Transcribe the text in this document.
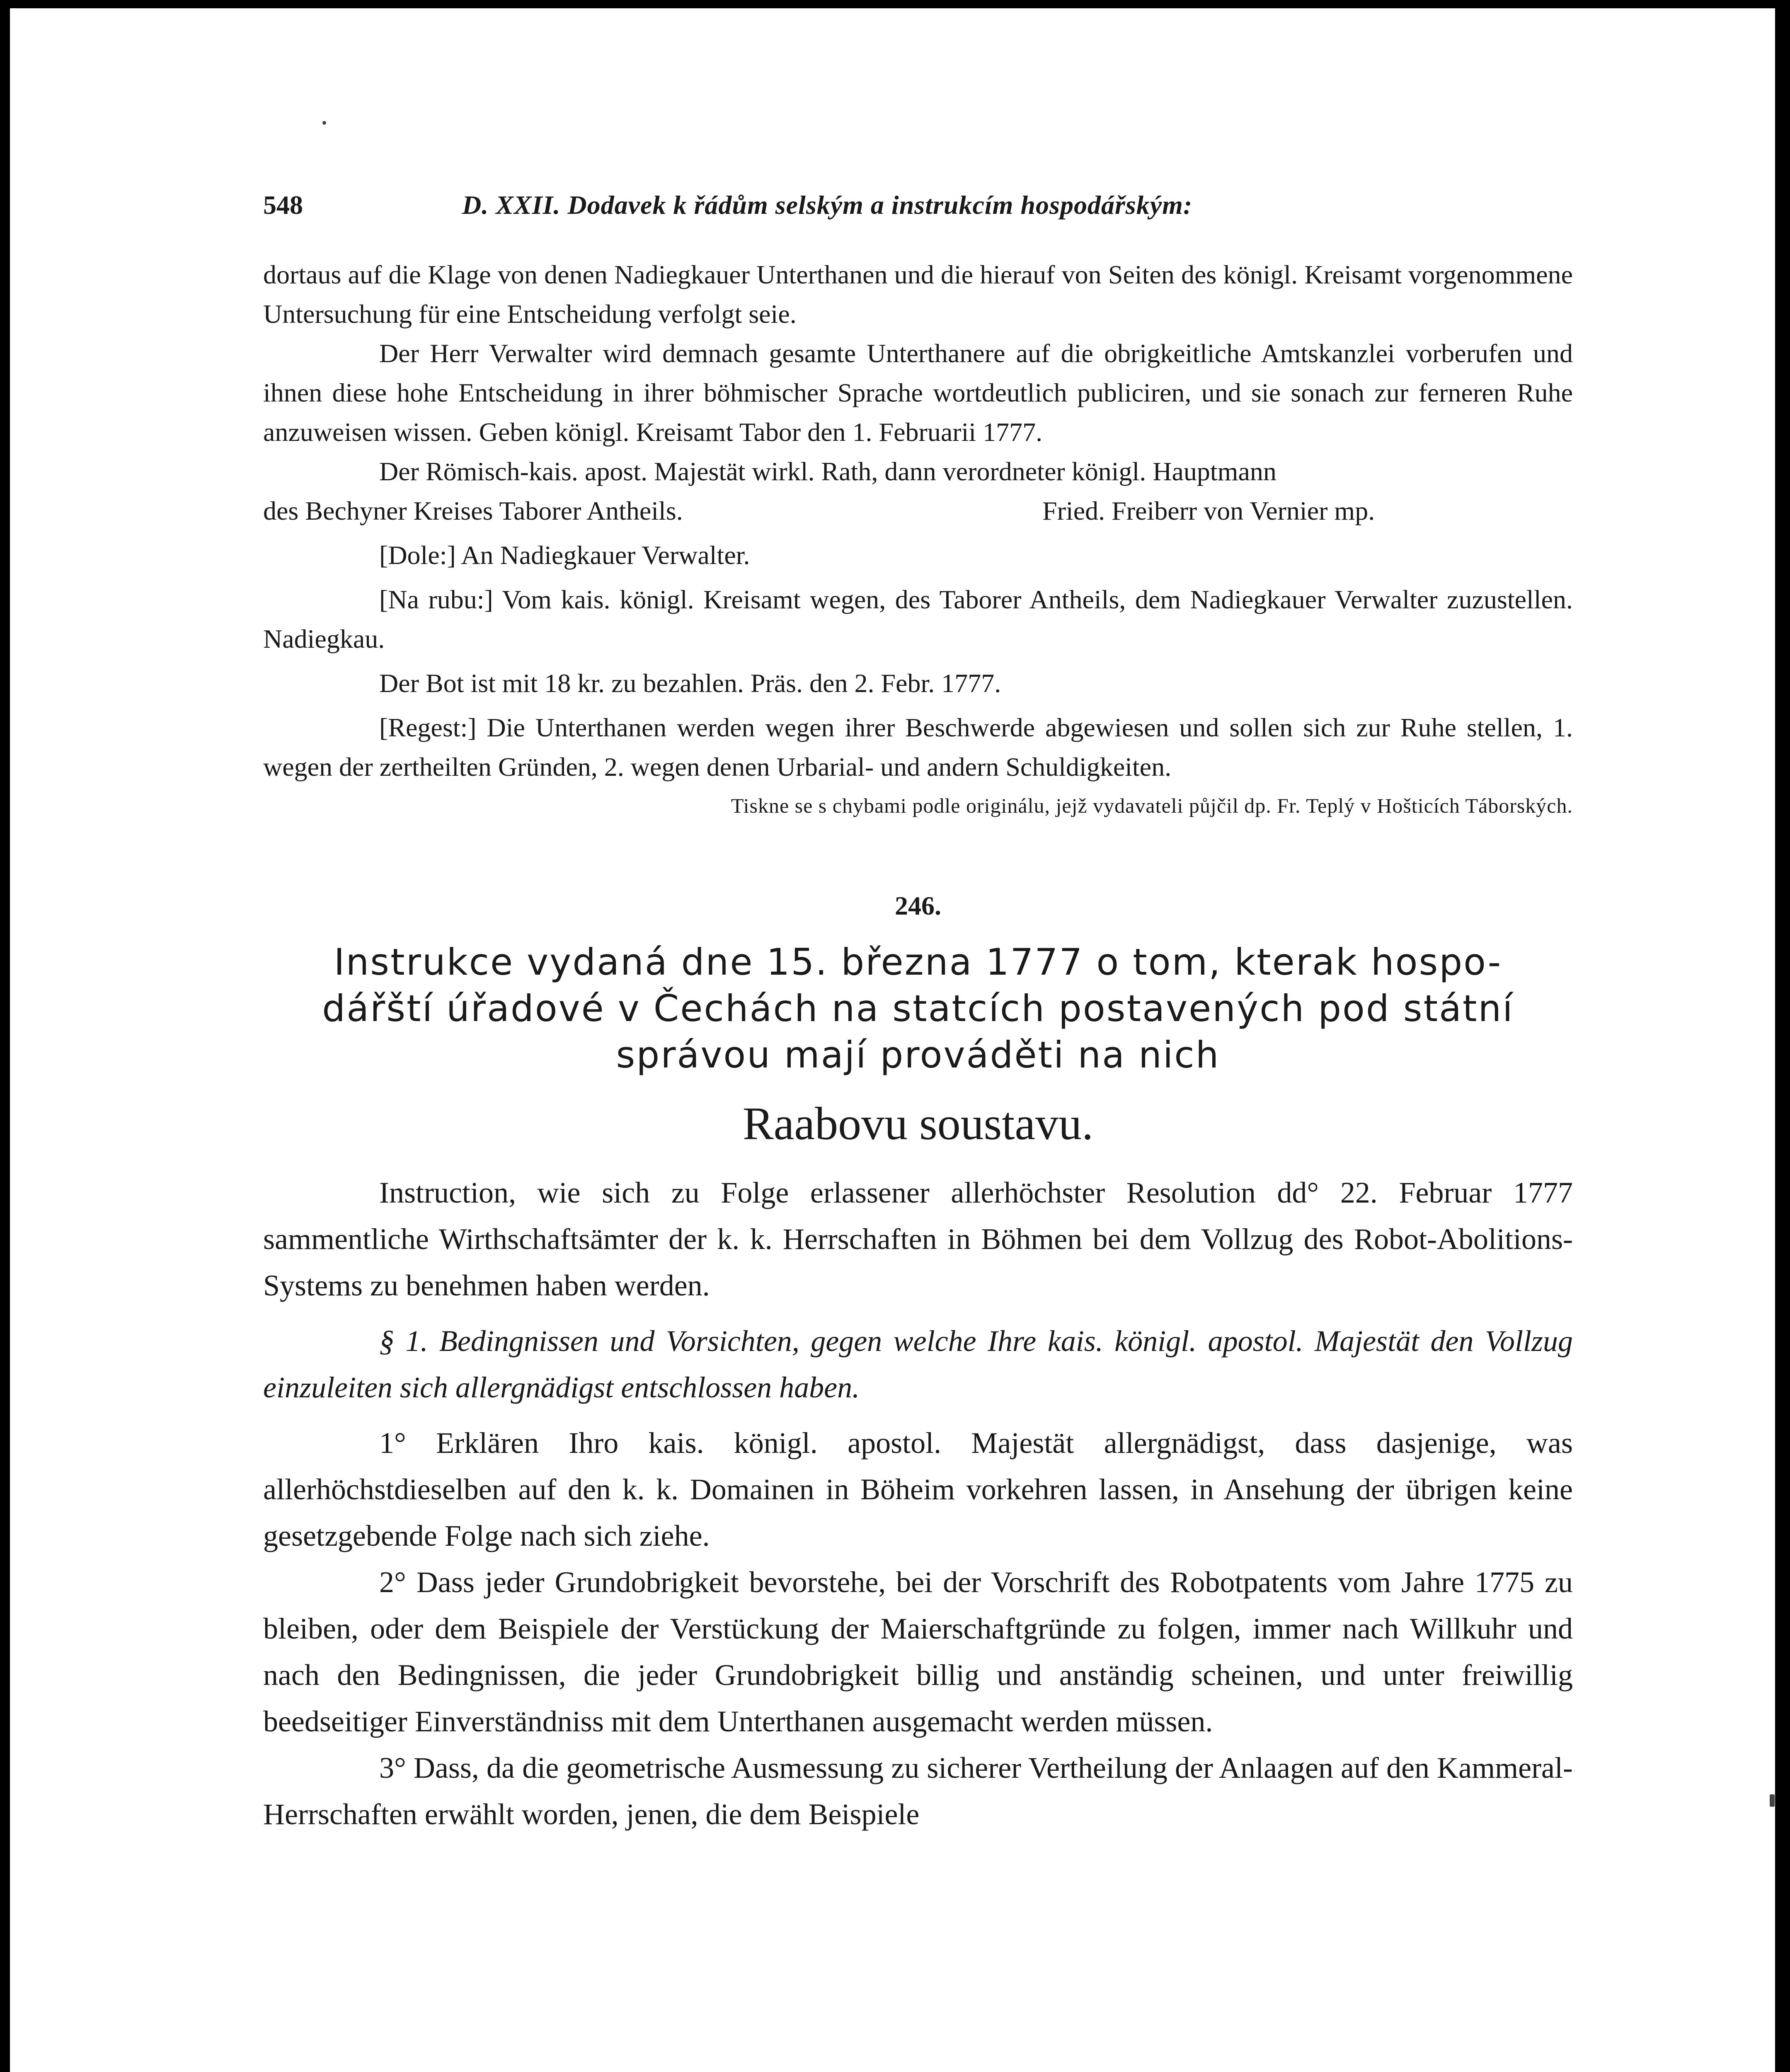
548	D. XXII. Dodavek k řádům selským a instrukcím hospodářským:

dortaus auf die Klage von denen Nadiegkauer Unterthanen und die hierauf von Seiten des königl. Kreisamt vorgenommene Untersuchung für eine Entscheidung verfolgt seie.

Der Herr Verwalter wird demnach gesamte Unterthanere auf die obrigkeitliche Amtskanzlei vorberufen und ihnen diese hohe Entscheidung in ihrer böhmischer Sprache wortdeutlich publiciren, und sie sonach zur ferneren Ruhe anzuweisen wissen. Geben königl. Kreisamt Tabor den 1. Februarii 1777.

Der Römisch-kais. apost. Majestät wirkl. Rath, dann verordneter königl. Hauptmann

des Bechyner Kreises Taborer Antheils.	Fried. Freiberr von Vernier mp.

[Dole:] An Nadiegkauer Verwalter.

[Na rubu:] Vom kais. königl. Kreisamt wegen, des Taborer Antheils, dem Nadiegkauer Verwalter zuzustellen. Nadiegkau.

Der Bot ist mit 18 kr. zu bezahlen. Präs. den 2. Febr. 1777.

[Regest:] Die Unterthanen werden wegen ihrer Beschwerde abgewiesen und sollen sich zur Ruhe stellen, 1. wegen der zertheilten Gründen, 2. wegen denen Urbarial- und andern Schuldigkeiten.

Tiskne se s chybami podle originálu, jejž vydavateli půjčil dp. Fr. Teplý v Hošticích Táborských.

246.

Instrukce vydaná dne 15. března 1777 o tom, kterak hospo-

dářští úřadové v Čechách na statcích postavených pod státní

správou mají prováděti na nich

Raabovu soustavu.

Instruction, wie sich zu Folge erlassener allerhöchster Resolution dd° 22. Februar 1777 sammentliche Wirthschaftsämter der k. k. Herrschaften in Böhmen bei dem Vollzug des Robot-Abolitions-Systems zu benehmen haben werden.

§ 1. Bedingnissen und Vorsichten, gegen welche Ihre kais. königl. apostol. Majestät den Vollzug einzuleiten sich allergnädigst entschlossen haben.

1° Erklären Ihro kais. königl. apostol. Majestät allergnädigst, dass dasjenige, was allerhöchstdieselben auf den k. k. Domainen in Böheim vorkehren lassen, in Ansehung der übrigen keine gesetzgebende Folge nach sich ziehe.

2° Dass jeder Grundobrigkeit bevorstehe, bei der Vorschrift des Robotpatents vom Jahre 1775 zu bleiben, oder dem Beispiele der Verstückung der Maierschaftgründe zu folgen, immer nach Willkuhr und nach den Bedingnissen, die jeder Grundobrigkeit billig und anständig scheinen, und unter freiwillig beedseitiger Einverständniss mit dem Unterthanen ausgemacht werden müssen.

3° Dass, da die geometrische Ausmessung zu sicherer Vertheilung der Anlaagen auf den Kammeral-Herrschaften erwählt worden, jenen, die dem Beispiele
